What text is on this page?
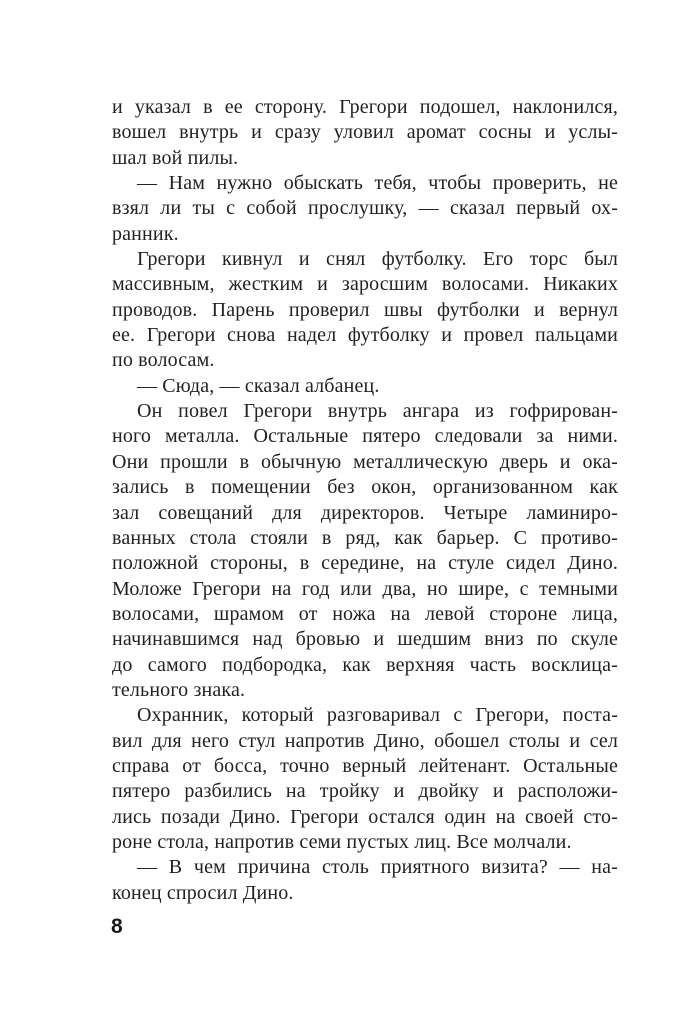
и указал в ее сторону. Грегори подошел, наклонился,
вошел внутрь и сразу уловил аромат сосны и услы-
шал вой пилы.
— Нам нужно обыскать тебя, чтобы проверить, не
взял ли ты с собой прослушку, — сказал первый ох-
ранник.
Грегори кивнул и снял футболку. Его торс был
массивным, жестким и заросшим волосами. Никаких
проводов. Парень проверил швы футболки и вернул
ее. Грегори снова надел футболку и провел пальцами
по волосам.
— Сюда, — сказал албанец.
Он повел Грегори внутрь ангара из гофрирован-
ного металла. Остальные пятеро следовали за ними.
Они прошли в обычную металлическую дверь и ока-
зались в помещении без окон, организованном как
зал совещаний для директоров. Четыре ламиниро-
ванных стола стояли в ряд, как барьер. С противо-
положной стороны, в середине, на стуле сидел Дино.
Моложе Грегори на год или два, но шире, с темными
волосами, шрамом от ножа на левой стороне лица,
начинавшимся над бровью и шедшим вниз по скуле
до самого подбородка, как верхняя часть восклица-
тельного знака.
Охранник, который разговаривал с Грегори, поста-
вил для него стул напротив Дино, обошел столы и сел
справа от босса, точно верный лейтенант. Остальные
пятеро разбились на тройку и двойку и расположи-
лись позади Дино. Грегори остался один на своей сто-
роне стола, напротив семи пустых лиц. Все молчали.
— В чем причина столь приятного визита? — на-
конец спросил Дино.
8
